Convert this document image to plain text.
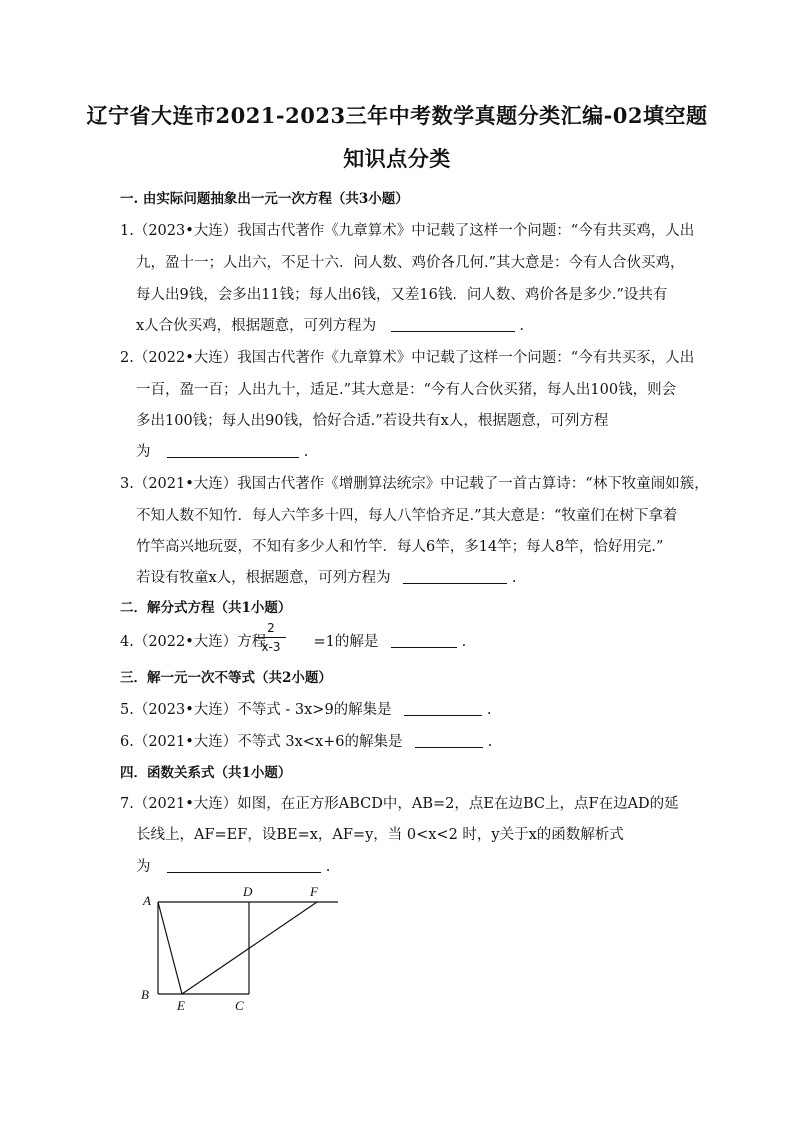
辽宁省大连市2021-2023三年中考数学真题分类汇编-02填空题
知识点分类
一. 由实际问题抽象出一元一次方程（共3小题）
1.（2023•大连）我国古代著作《九章算术》中记载了这样一个问题：“今有共买鸡，人出
九，盈十一；人出六，不足十六．问人数、鸡价各几何.”其大意是：今有人合伙买鸡，
每人出9钱，会多出11钱；每人出6钱，又差16钱．问人数、鸡价各是多少.”设共有
x人合伙买鸡，根据题意，可列方程为	.
2.（2022•大连）我国古代著作《九章算术》中记载了这样一个问题：“今有共买豕，人出
一百，盈一百；人出九十，适足.”其大意是：“今有人合伙买猪，每人出100钱，则会
多出100钱；每人出90钱，恰好合适.”若设共有x人，根据题意，可列方程
为	.
3.（2021•大连）我国古代著作《增删算法统宗》中记载了一首古算诗：“林下牧童闹如簇，
不知人数不知竹．每人六竿多十四，每人八竿恰齐足.”其大意是：“牧童们在树下拿着
竹竿高兴地玩耍，不知有多少人和竹竿．每人6竿，多14竿；每人8竿，恰好用完.”
若设有牧童x人，根据题意，可列方程为	.
二．解分式方程（共1小题）
4.（2022•大连）方程	=1的解是	.
2
x-3
三．解一元一次不等式（共2小题）
5.（2023•大连）不等式 - 3x>9的解集是	.
6.（2021•大连）不等式 3x<x+6的解集是	.
四．函数关系式（共1小题）
7.（2021•大连）如图，在正方形ABCD中，AB=2，点E在边BC上，点F在边AD的延
长线上，AF=EF，设BE=x，AF=y，当 0<x<2 时，y关于x的函数解析式
为	.
A
D	F
B
E	C
